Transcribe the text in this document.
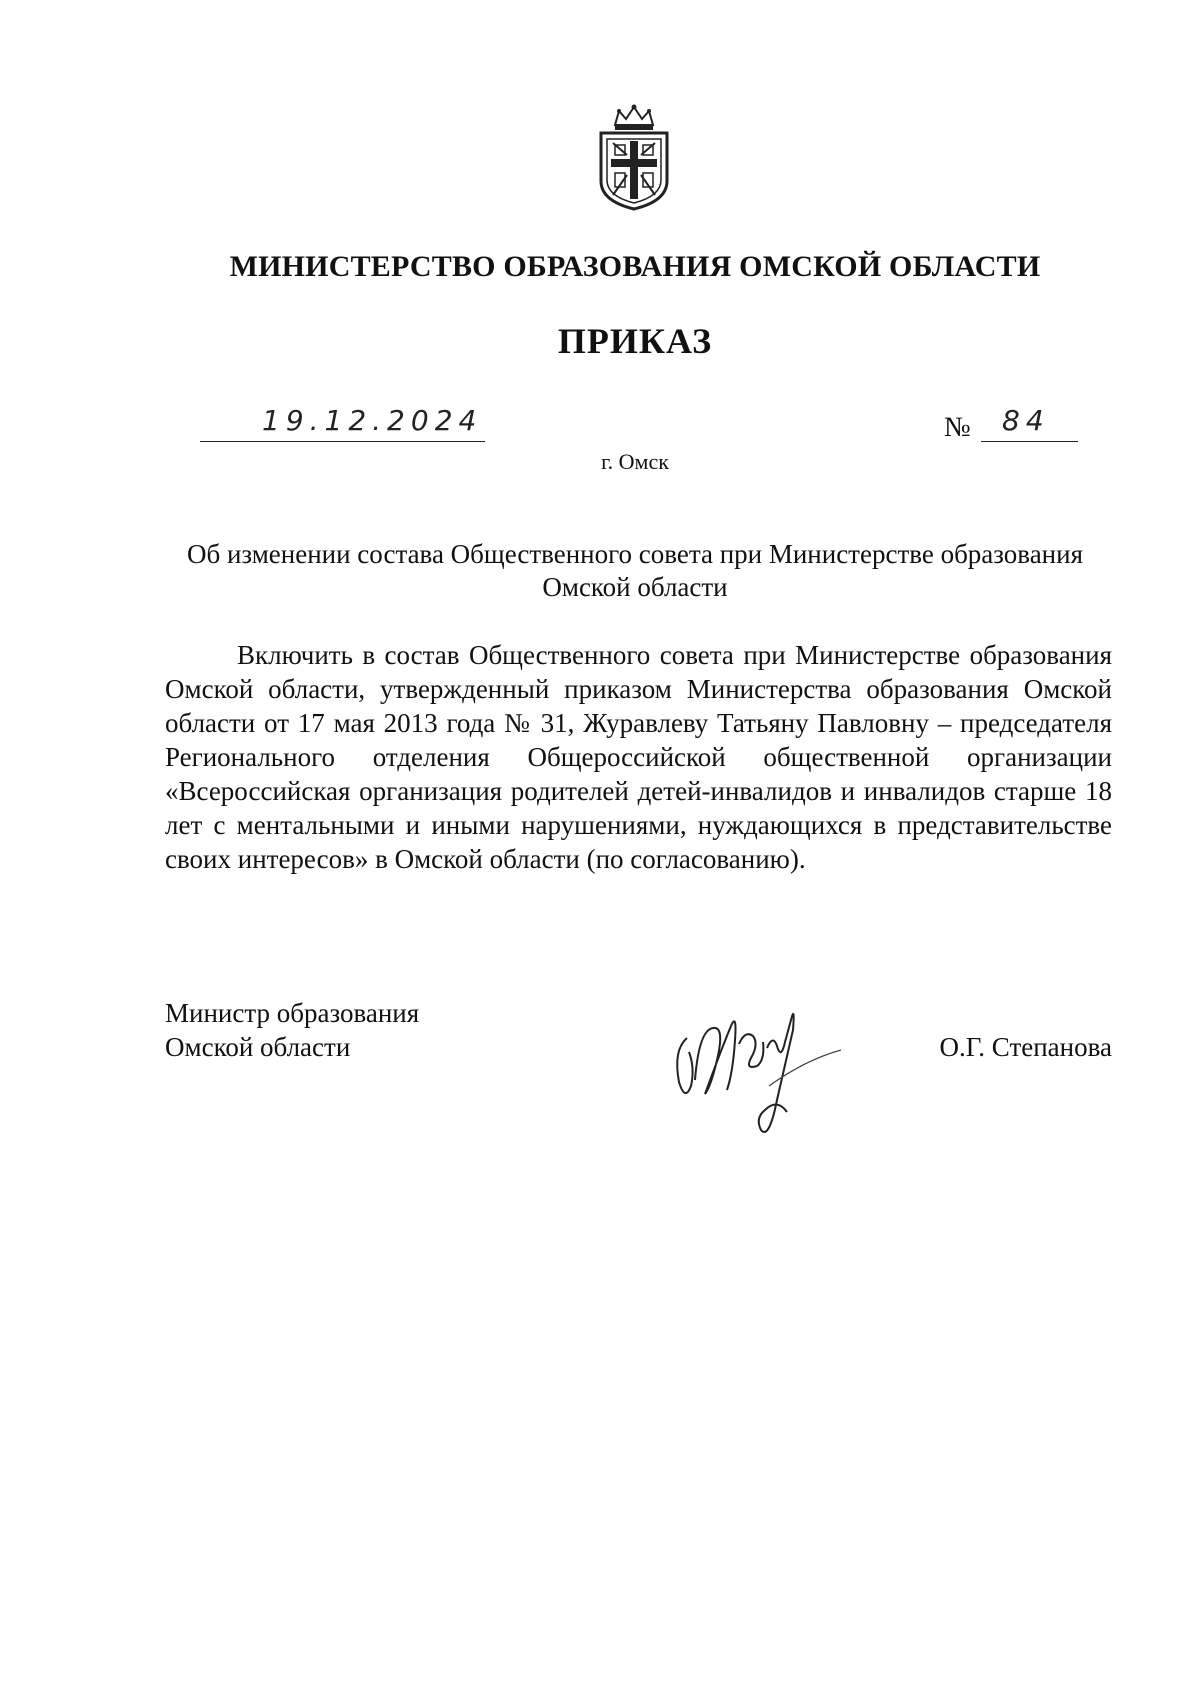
МИНИСТЕРСТВО ОБРАЗОВАНИЯ ОМСКОЙ ОБЛАСТИ
ПРИКАЗ
19.12.2024	№ 84
г. Омск
Об изменении состава Общественного совета при Министерстве образования
Омской области
Включить в состав Общественного совета при Министерстве образования Омской области, утвержденный приказом Министерства образования Омской области от 17 мая 2013 года № 31, Журавлеву Татьяну Павловну – председателя Регионального отделения Общероссийской общественной организации «Всероссийская организация родителей детей-инвалидов и инвалидов старше 18 лет с ментальными и иными нарушениями, нуждающихся в представительстве своих интересов» в Омской области (по согласованию).
Министр образования
Омской области	О.Г. Степанова
